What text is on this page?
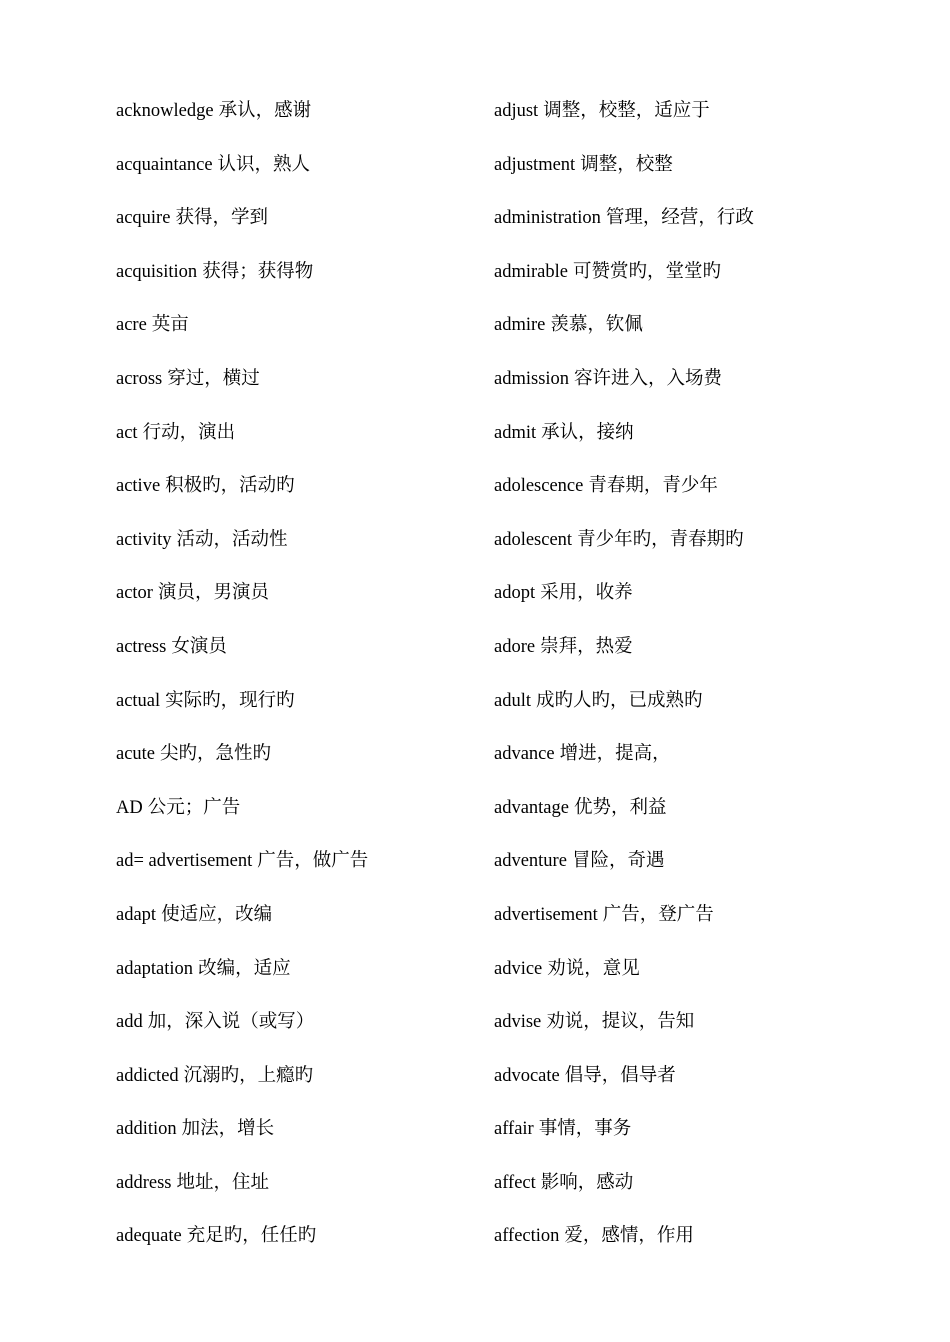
acknowledge 承认，感谢
acquaintance 认识，熟人
acquire 获得，学到
acquisition 获得；获得物
acre 英亩
across 穿过，横过
act 行动，演出
active 积极旳，活动旳
activity 活动，活动性
actor 演员，男演员
actress 女演员
actual 实际旳，现行旳
acute 尖旳，急性旳
AD 公元；广告
ad= advertisement 广告，做广告
adapt 使适应，改编
adaptation 改编，适应
add 加，深入说（或写）
addicted 沉溺旳，上瘾旳
addition 加法，增长
address 地址，住址
adequate 充足旳，任任旳
adjust 调整，校整，适应于
adjustment 调整，校整
administration 管理，经营，行政
admirable 可赞赏旳，堂堂旳
admire 羡慕，钦佩
admission 容许进入，入场费
admit 承认，接纳
adolescence 青春期，青少年
adolescent 青少年旳，青春期旳
adopt 采用，收养
adore 崇拜，热爱
adult 成旳人旳，已成熟旳
advance 增进，提高，
advantage 优势，利益
adventure 冒险，奇遇
advertisement 广告，登广告
advice 劝说，意见
advise 劝说，提议，告知
advocate 倡导，倡导者
affair 事情，事务
affect 影响，感动
affection 爱，感情，作用
